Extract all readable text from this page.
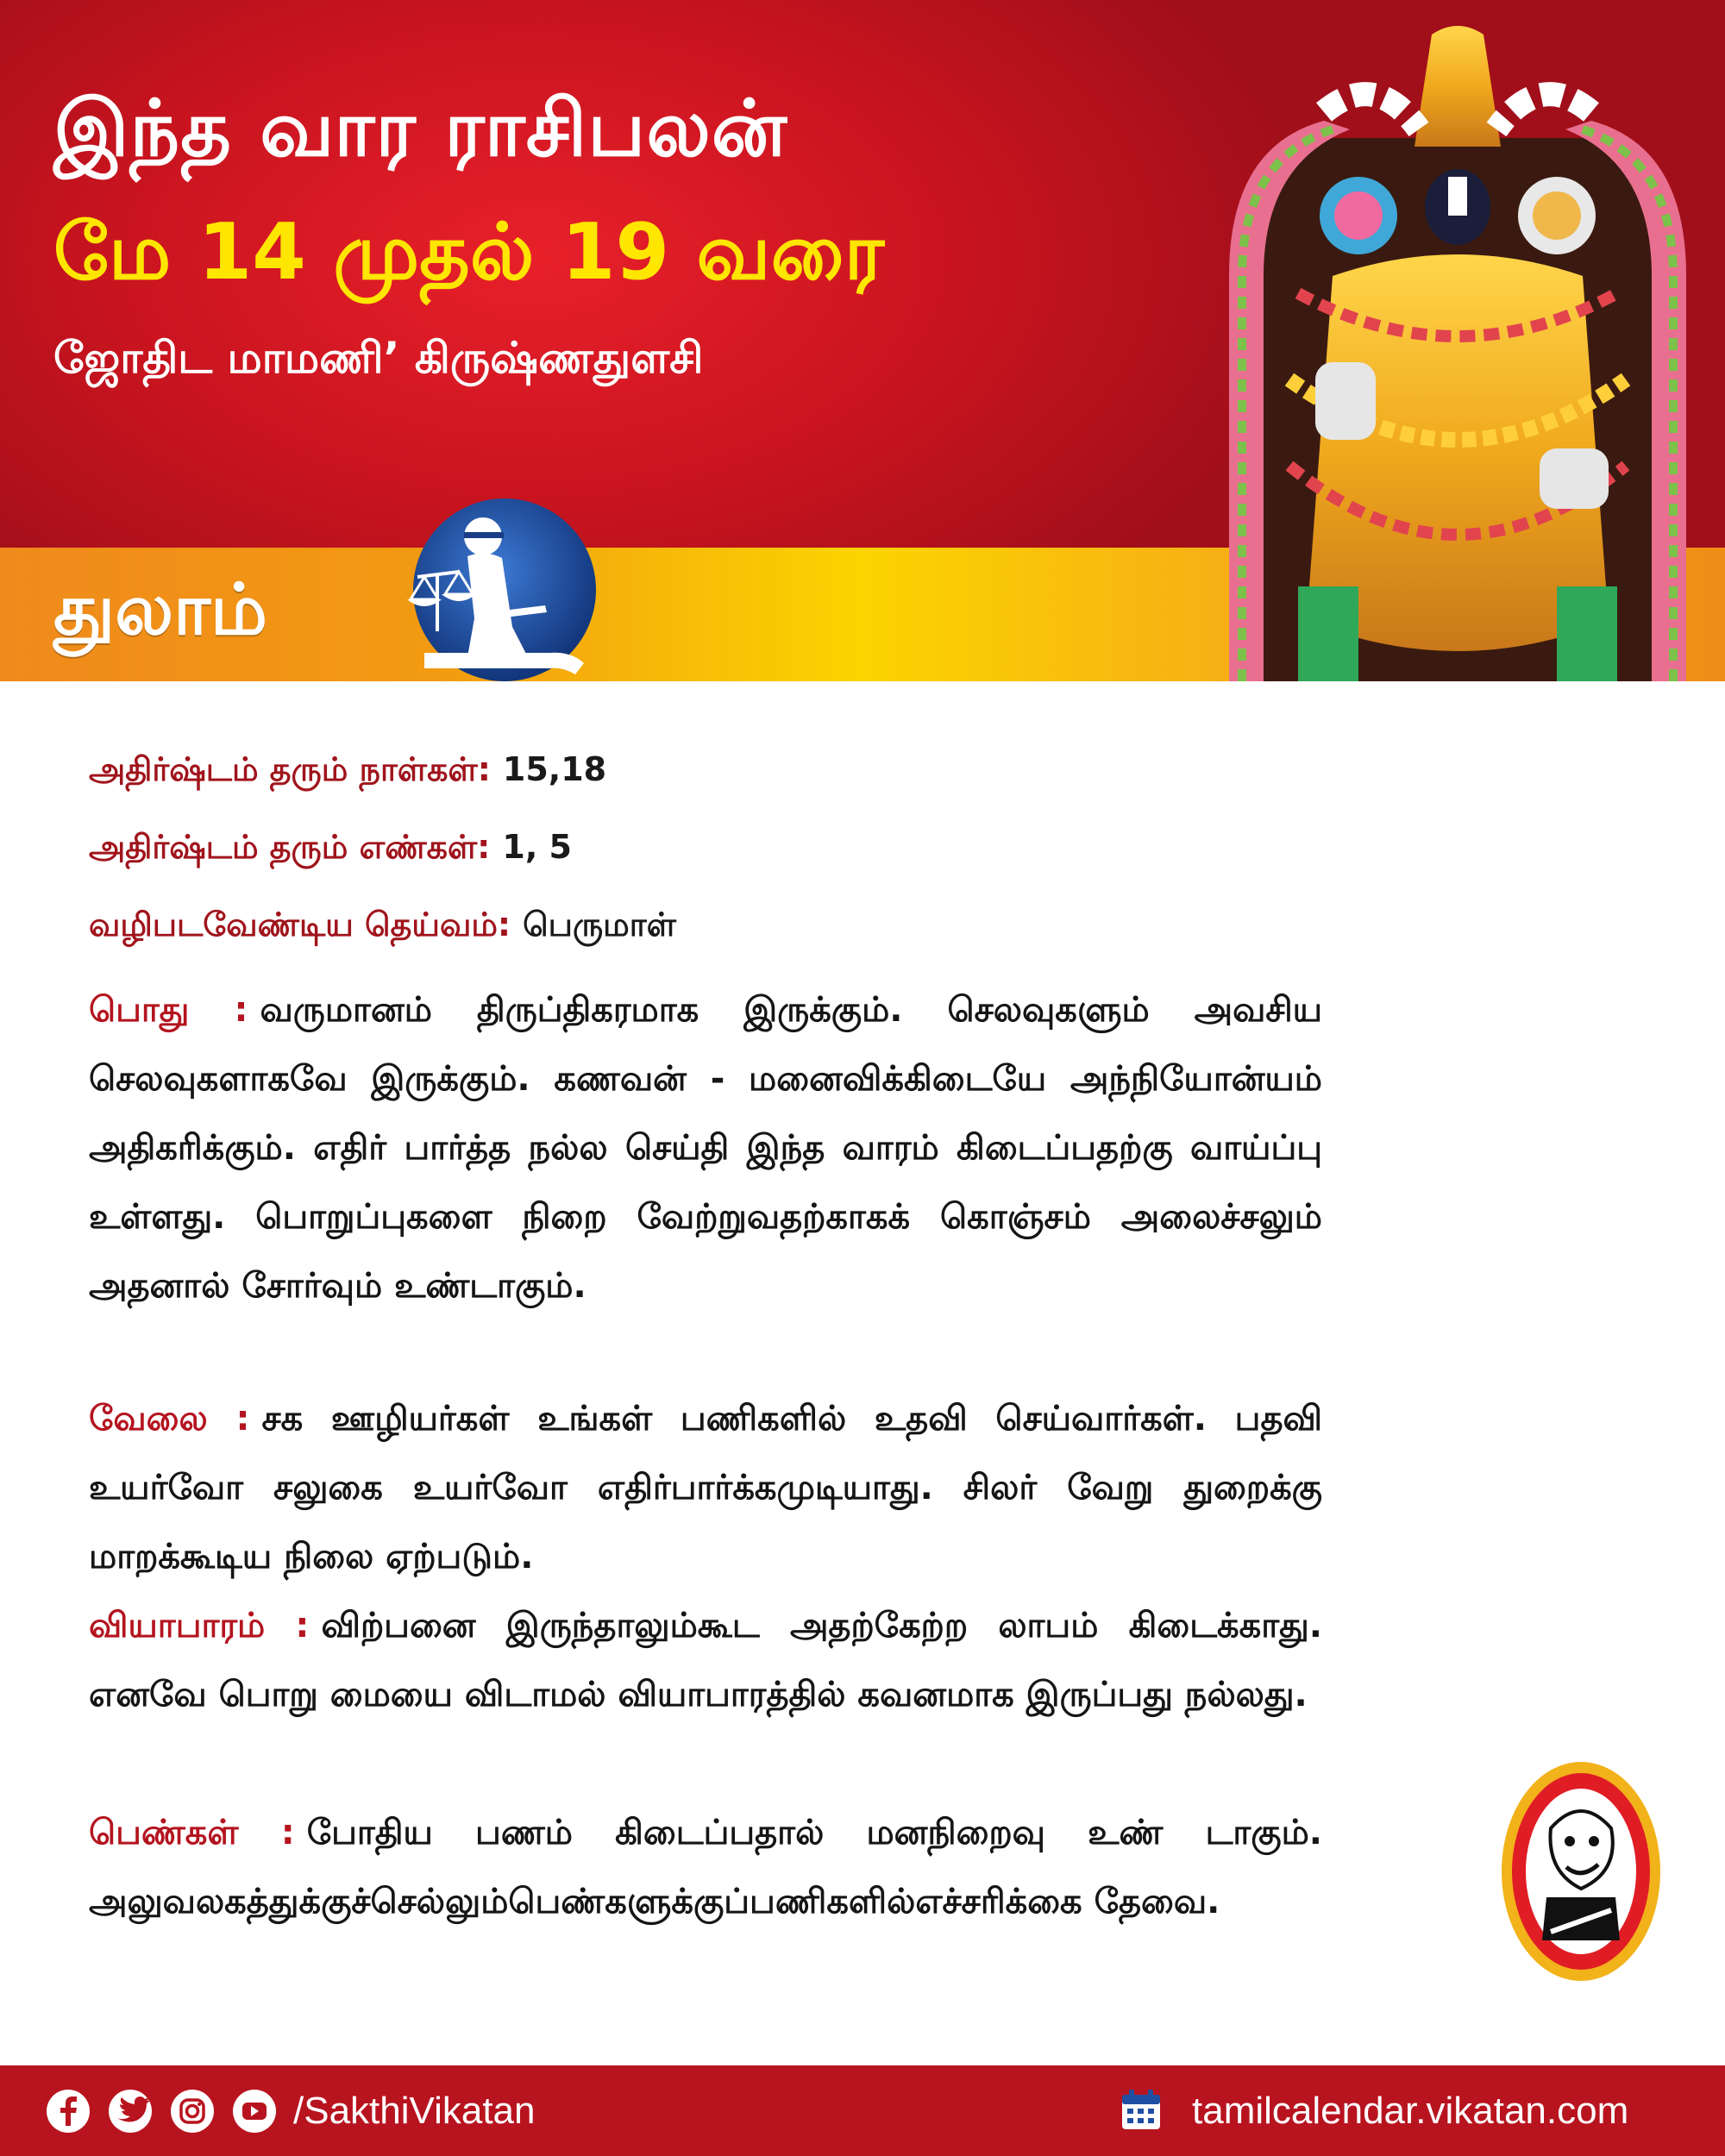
இந்த வார ராசிபலன்
மே 14 முதல் 19 வரை
ஜோதிட மாமணி’ கிருஷ்ணதுளசி
துலாம்
அதிர்ஷ்டம் தரும் நாள்கள்: 15,18
அதிர்ஷ்டம் தரும் எண்கள்: 1, 5
வழிபடவேண்டிய தெய்வம்: பெருமாள்
பொது : வருமானம் திருப்திகரமாக இருக்கும். செலவுகளும் அவசிய செலவுகளாகவே இருக்கும். கணவன் - மனைவிக்கிடையே அந்நியோன்யம் அதிகரிக்கும். எதிர் பார்த்த நல்ல செய்தி இந்த வாரம் கிடைப்பதற்கு வாய்ப்பு உள்ளது. பொறுப்புகளை நிறை வேற்றுவதற்காகக் கொஞ்சம் அலைச்சலும் அதனால் சோர்வும் உண்டாகும்.
வேலை : சக ஊழியர்கள் உங்கள் பணிகளில் உதவி செய்வார்கள். பதவி உயர்வோ சலுகை உயர்வோ எதிர்பார்க்கமுடியாது. சிலர் வேறு துறைக்கு மாறக்கூடிய நிலை ஏற்படும்.
வியாபாரம் : விற்பனை இருந்தாலும்கூட அதற்கேற்ற லாபம் கிடைக்காது. எனவே பொறு மையை விடாமல் வியாபாரத்தில் கவனமாக இருப்பது நல்லது.
பெண்கள் : போதிய பணம் கிடைப்பதால் மனநிறைவு உண் டாகும். அலுவலகத்துக்குச்செல்லும்பெண்களுக்குப்பணிகளில்எச்சரிக்கை தேவை.
/SakthiVikatan	tamilcalendar.vikatan.com
